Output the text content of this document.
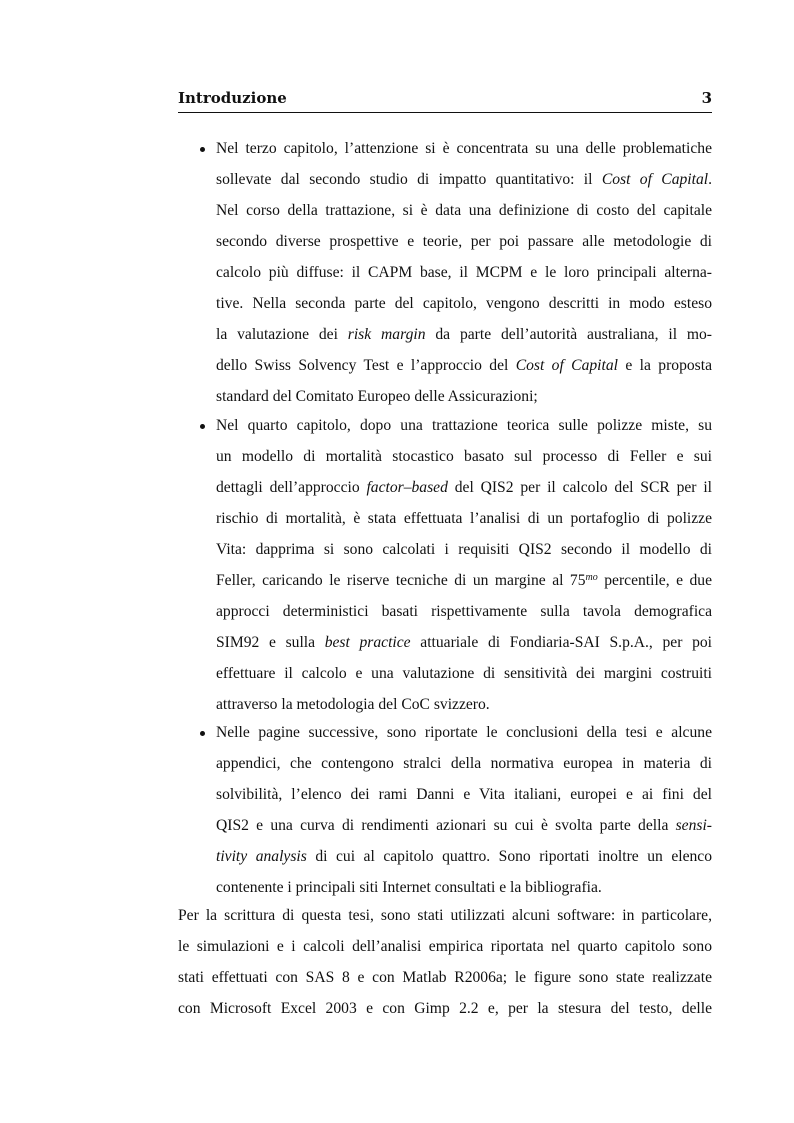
Introduzione	3
Nel terzo capitolo, l’attenzione si è concentrata su una delle problematiche
sollevate dal secondo studio di impatto quantitativo: il Cost of Capital.
Nel corso della trattazione, si è data una definizione di costo del capitale
secondo diverse prospettive e teorie, per poi passare alle metodologie di
calcolo più diffuse: il CAPM base, il MCPM e le loro principali alterna-
tive. Nella seconda parte del capitolo, vengono descritti in modo esteso
la valutazione dei risk margin da parte dell’autorità australiana, il mo-
dello Swiss Solvency Test e l’approccio del Cost of Capital e la proposta
standard del Comitato Europeo delle Assicurazioni;
Nel quarto capitolo, dopo una trattazione teorica sulle polizze miste, su
un modello di mortalità stocastico basato sul processo di Feller e sui
dettagli dell’approccio factor–based del QIS2 per il calcolo del SCR per il
rischio di mortalità, è stata effettuata l’analisi di un portafoglio di polizze
Vita: dapprima si sono calcolati i requisiti QIS2 secondo il modello di
Feller, caricando le riserve tecniche di un margine al $75^{mo}$ percentile, e due
approcci deterministici basati rispettivamente sulla tavola demografica
SIM92 e sulla best practice attuariale di Fondiaria-SAI S.p.A., per poi
effettuare il calcolo e una valutazione di sensitività dei margini costruiti
attraverso la metodologia del CoC svizzero.
Nelle pagine successive, sono riportate le conclusioni della tesi e alcune
appendici, che contengono stralci della normativa europea in materia di
solvibilità, l’elenco dei rami Danni e Vita italiani, europei e ai fini del
QIS2 e una curva di rendimenti azionari su cui è svolta parte della sensi-
tivity analysis di cui al capitolo quattro. Sono riportati inoltre un elenco
contenente i principali siti Internet consultati e la bibliografia.
Per la scrittura di questa tesi, sono stati utilizzati alcuni software: in particolare,
le simulazioni e i calcoli dell’analisi empirica riportata nel quarto capitolo sono
stati effettuati con SAS 8 e con Matlab R2006a; le figure sono state realizzate
con Microsoft Excel 2003 e con Gimp 2.2 e, per la stesura del testo, delle
